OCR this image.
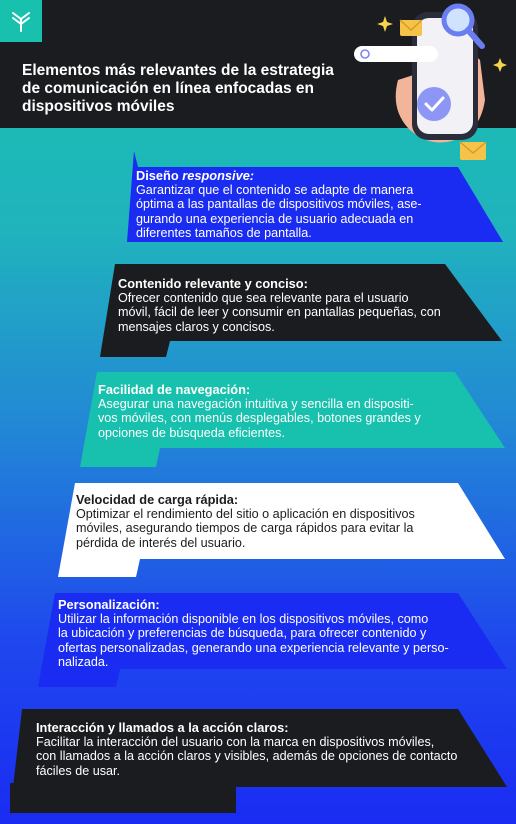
Elementos más relevantes de la estrategia de comunicación en línea enfocadas en dispositivos móviles
Diseño responsive:
Garantizar que el contenido se adapte de manera
óptima a las pantallas de dispositivos móviles, ase-
gurando una experiencia de usuario adecuada en
diferentes tamaños de pantalla.
Contenido relevante y conciso:
Ofrecer contenido que sea relevante para el usuario
móvil, fácil de leer y consumir en pantallas pequeñas, con
mensajes claros y concisos.
Facilidad de navegación:
Asegurar una navegación intuitiva y sencilla en dispositi-
vos móviles, con menús desplegables, botones grandes y
opciones de búsqueda eficientes.
Velocidad de carga rápida:
Optimizar el rendimiento del sitio o aplicación en dispositivos
móviles, asegurando tiempos de carga rápidos para evitar la
pérdida de interés del usuario.
Personalización:
Utilizar la información disponible en los dispositivos móviles, como
la ubicación y preferencias de búsqueda, para ofrecer contenido y
ofertas personalizadas, generando una experiencia relevante y perso-
nalizada.
Interacción y llamados a la acción claros:
Facilitar la interacción del usuario con la marca en dispositivos móviles,
con llamados a la acción claros y visibles, además de opciones de contacto
fáciles de usar.
